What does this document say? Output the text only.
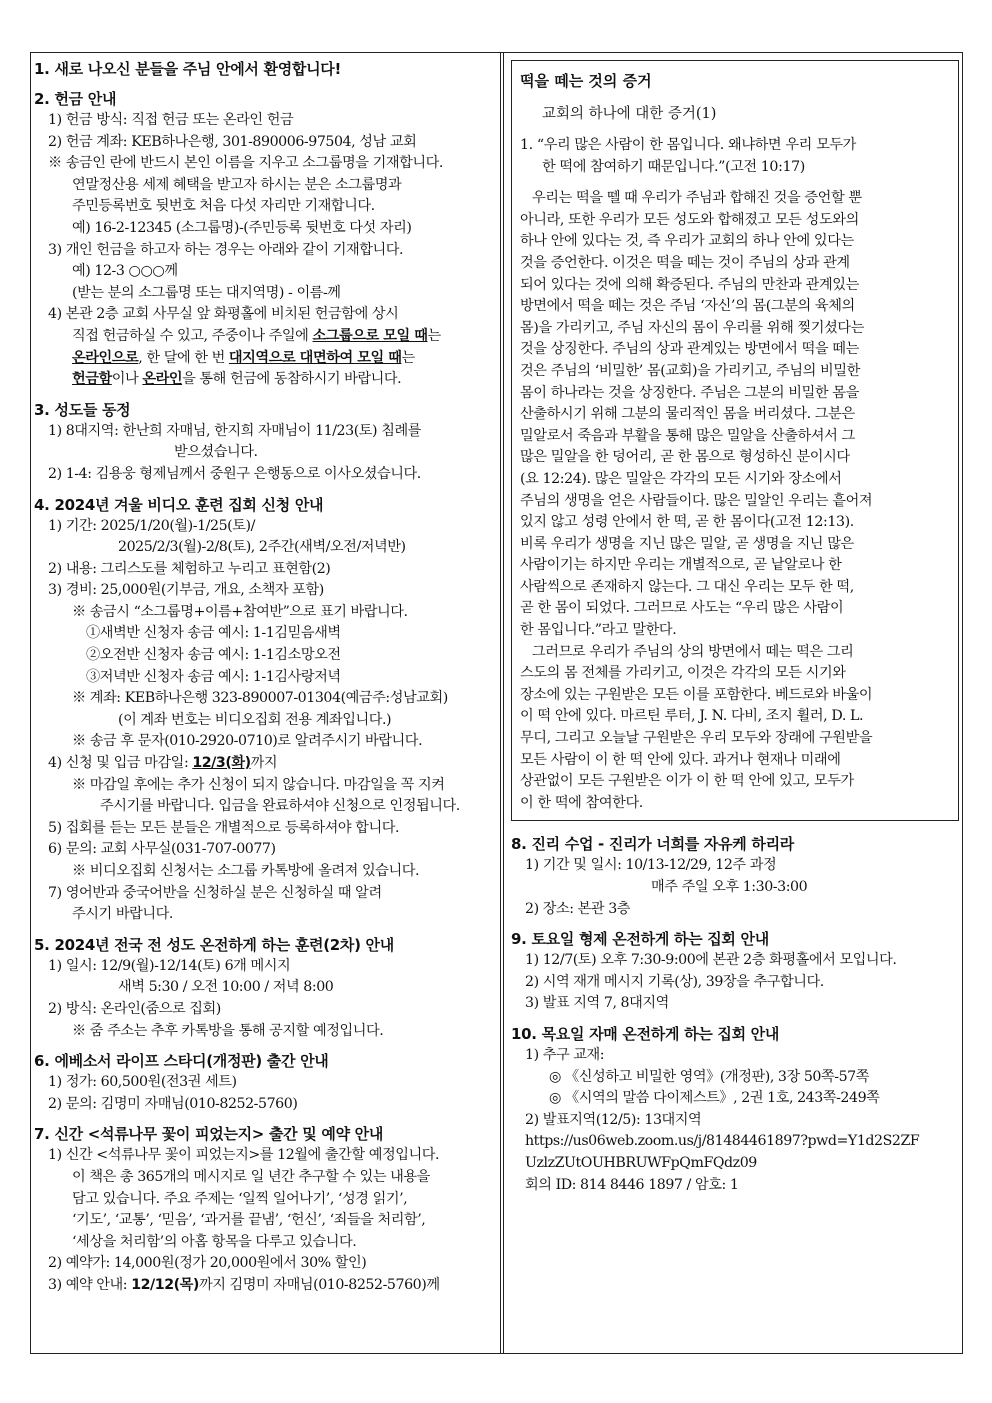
1. 새로 나오신 분들을 주님 안에서 환영합니다!

2. 헌금 안내

1) 헌금 방식: 직접 헌금 또는 온라인 헌금
2) 헌금 계좌: KEB하나은행, 301-890006-97504, 성남 교회
※ 송금인 란에 반드시 본인 이름을 지우고 소그룹명을 기재합니다.
연말정산용 세제 혜택을 받고자 하시는 분은 소그룹명과
주민등록번호 뒷번호 처음 다섯 자리만 기재합니다.
예) 16-2-12345 (소그룹명)-(주민등록 뒷번호 다섯 자리)
3) 개인 헌금을 하고자 하는 경우는 아래와 같이 기재합니다.
예) 12-3 ○○○께
(받는 분의 소그룹명 또는 대지역명) - 이름-께
4) 본관 2층 교회 사무실 앞 화평홀에 비치된 헌금함에 상시
직접 헌금하실 수 있고, 주중이나 주일에 소그룹으로 모일 때는
온라인으로, 한 달에 한 번 대지역으로 대면하여 모일 때는
헌금함이나 온라인을 통해 헌금에 동참하시기 바랍니다.

3. 성도들 동정

1) 8대지역: 한난희 자매님, 한지희 자매님이 11/23(토) 침례를
받으셨습니다.
2) 1-4: 김용웅 형제님께서 중원구 은행동으로 이사오셨습니다.

4. 2024년 겨울 비디오 훈련 집회 신청 안내

1) 기간: 2025/1/20(월)-1/25(토)/
2025/2/3(월)-2/8(토), 2주간(새벽/오전/저녁반)
2) 내용: 그리스도를 체험하고 누리고 표현함(2)
3) 경비: 25,000원(기부금, 개요, 소책자 포함)
※ 송금시 “소그룹명+이름+참여반”으로 표기 바랍니다.
①새벽반 신청자 송금 예시: 1-1김믿음새벽
②오전반 신청자 송금 예시: 1-1김소망오전
③저녁반 신청자 송금 예시: 1-1김사랑저녁
※ 계좌: KEB하나은행 323-890007-01304(예금주:성남교회)
(이 계좌 번호는 비디오집회 전용 계좌입니다.)
※ 송금 후 문자(010-2920-0710)로 알려주시기 바랍니다.
4) 신청 및 입금 마감일: 12/3(화)까지
※ 마감일 후에는 추가 신청이 되지 않습니다. 마감일을 꼭 지켜
주시기를 바랍니다. 입금을 완료하셔야 신청으로 인정됩니다.
5) 집회를 듣는 모든 분들은 개별적으로 등록하셔야 합니다.
6) 문의: 교회 사무실(031-707-0077)
※ 비디오집회 신청서는 소그룹 카톡방에 올려져 있습니다.
7) 영어반과 중국어반을 신청하실 분은 신청하실 때 알려
주시기 바랍니다.

5. 2024년 전국 전 성도 온전하게 하는 훈련(2차) 안내

1) 일시: 12/9(월)-12/14(토) 6개 메시지
새벽 5:30 / 오전 10:00 / 저녁 8:00
2) 방식: 온라인(줌으로 집회)
※ 줌 주소는 추후 카톡방을 통해 공지할 예정입니다.

6. 에베소서 라이프 스타디(개정판) 출간 안내

1) 정가: 60,500원(전3권 세트)
2) 문의: 김명미 자매님(010-8252-5760)

7. 신간 <석류나무 꽃이 피었는지> 출간 및 예약 안내

1) 신간 <석류나무 꽃이 피었는지>를 12월에 출간할 예정입니다.
이 책은 총 365개의 메시지로 일 년간 추구할 수 있는 내용을
담고 있습니다. 주요 주제는 ‘일찍 일어나기’, ‘성경 읽기’,
‘기도’, ‘교통’, ‘믿음’, ‘과거를 끝냄’, ‘헌신’, ‘죄들을 처리함’,
‘세상을 처리함’의 아홉 항목을 다루고 있습니다.
2) 예약가: 14,000원(정가 20,000원에서 30% 할인)
3) 예약 안내: 12/12(목)까지 김명미 자매님(010-8252-5760)께
떡을 떼는 것의 증거
교회의 하나에 대한 증거(1)
1. “우리 많은 사람이 한 몸입니다. 왜냐하면 우리 모두가
한 떡에 참여하기 때문입니다.”(고전 10:17)
우리는 떡을 뗄 때 우리가 주님과 합해진 것을 증언할 뿐
아니라, 또한 우리가 모든 성도와 합해졌고 모든 성도와의
하나 안에 있다는 것, 즉 우리가 교회의 하나 안에 있다는
것을 증언한다. 이것은 떡을 떼는 것이 주님의 상과 관계
되어 있다는 것에 의해 확증된다. 주님의 만찬과 관계있는
방면에서 떡을 떼는 것은 주님 ‘자신’의 몸(그분의 육체의
몸)을 가리키고, 주님 자신의 몸이 우리를 위해 찢기셨다는
것을 상징한다. 주님의 상과 관계있는 방면에서 떡을 떼는
것은 주님의 ‘비밀한’ 몸(교회)을 가리키고, 주님의 비밀한
몸이 하나라는 것을 상징한다. 주님은 그분의 비밀한 몸을
산출하시기 위해 그분의 물리적인 몸을 버리셨다. 그분은
밀알로서 죽음과 부활을 통해 많은 밀알을 산출하셔서 그
많은 밀알을 한 덩어리, 곧 한 몸으로 형성하신 분이시다
(요 12:24). 많은 밀알은 각각의 모든 시기와 장소에서
주님의 생명을 얻은 사람들이다. 많은 밀알인 우리는 흩어져
있지 않고 성령 안에서 한 떡, 곧 한 몸이다(고전 12:13).
비록 우리가 생명을 지닌 많은 밀알, 곧 생명을 지닌 많은
사람이기는 하지만 우리는 개별적으로, 곧 낱알로나 한
사람씩으로 존재하지 않는다. 그 대신 우리는 모두 한 떡,
곧 한 몸이 되었다. 그러므로 사도는 “우리 많은 사람이
한 몸입니다.”라고 말한다.
그러므로 우리가 주님의 상의 방면에서 떼는 떡은 그리
스도의 몸 전체를 가리키고, 이것은 각각의 모든 시기와
장소에 있는 구원받은 모든 이를 포함한다. 베드로와 바울이
이 떡 안에 있다. 마르틴 루터, J. N. 다비, 조지 휠러, D. L.
무디, 그리고 오늘날 구원받은 우리 모두와 장래에 구원받을
모든 사람이 이 한 떡 안에 있다. 과거나 현재나 미래에
상관없이 모든 구원받은 이가 이 한 떡 안에 있고, 모두가
이 한 떡에 참여한다.

8. 진리 수업 - 진리가 너희를 자유케 하리라

1) 기간 및 일시: 10/13-12/29, 12주 과정
매주 주일 오후 1:30-3:00
2) 장소: 본관 3층

9. 토요일 형제 온전하게 하는 집회 안내

1) 12/7(토) 오후 7:30-9:00에 본관 2층 화평홀에서 모입니다.
2) 시역 재개 메시지 기록(상), 39장을 추구합니다.
3) 발표 지역 7, 8대지역

10. 목요일 자매 온전하게 하는 집회 안내

1) 추구 교재:
◎ 《신성하고 비밀한 영역》(개정판), 3장 50쪽-57쪽
◎ 《시역의 말씀 다이제스트》, 2권 1호, 243쪽-249쪽
2) 발표지역(12/5): 13대지역
https://us06web.zoom.us/j/81484461897?pwd=Y1d2S2ZF
UzlzZUtOUHBRUWFpQmFQdz09
회의 ID: 814 8446 1897 / 암호: 1
